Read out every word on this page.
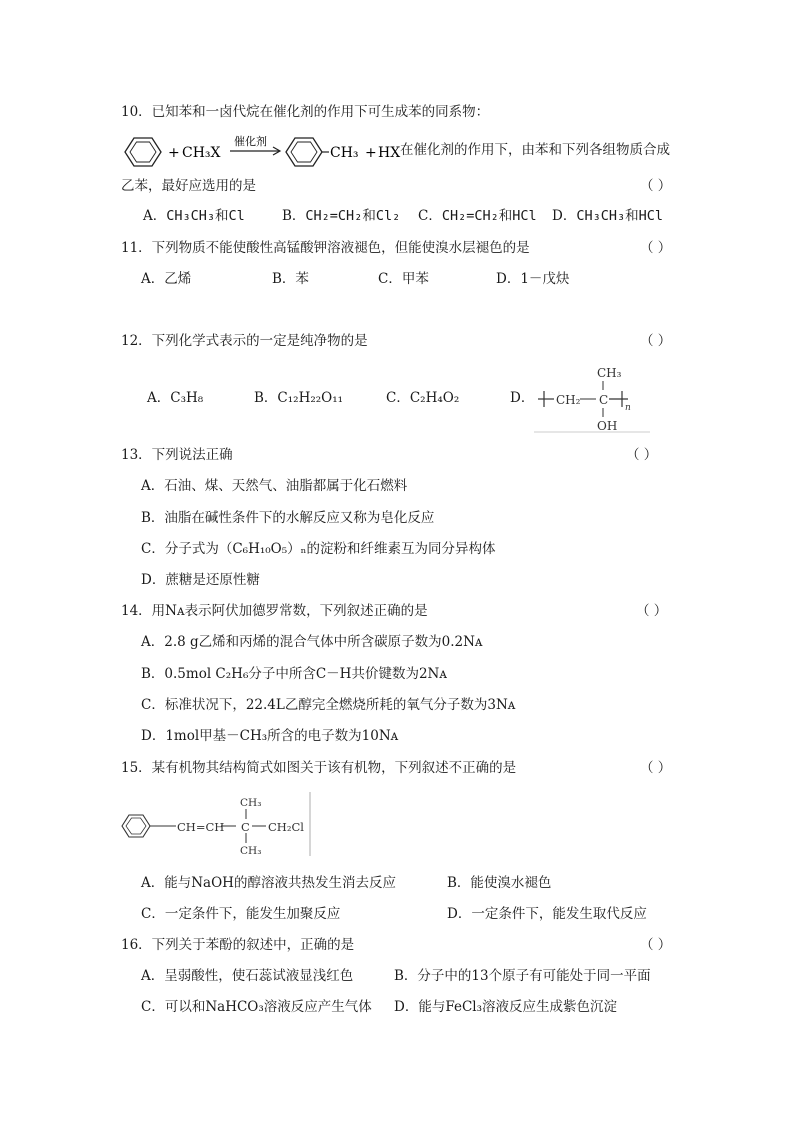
10．已知苯和一卤代烷在催化剂的作用下可生成苯的同系物：
+ CH₃X
催化剂
CH₃ + HX 在催化剂的作用下，由苯和下列各组物质合成
乙苯，最好应选用的是	（ ）
A．CH₃CH₃和Cl	B．CH₂=CH₂和Cl₂ C．CH₂=CH₂和HCl D．CH₃CH₃和HCl
11．下列物质不能使酸性高锰酸钾溶液褪色，但能使溴水层褪色的是	（ ）
A．乙烯	B．苯	C．甲苯	D．1－戊炔
12．下列化学式表示的一定是纯净物的是	（ ）
A．C₃H₈	B．C₁₂H₂₂O₁₁	C．C₂H₄O₂	D．
CH₃
CH₂ C
n
OH
13．下列说法正确	（ ）
A．石油、煤、天然气、油脂都属于化石燃料
B．油脂在碱性条件下的水解反应又称为皂化反应
C．分子式为（C₆H₁₀O₅）ₙ的淀粉和纤维素互为同分异构体
D．蔗糖是还原性糖
14．用Nᴀ表示阿伏加德罗常数，下列叙述正确的是	（ ）
A．2.8 g乙烯和丙烯的混合气体中所含碳原子数为0.2Nᴀ
B．0.5mol C₂H₆分子中所含C－H共价键数为2Nᴀ
C．标准状况下，22.4L乙醇完全燃烧所耗的氧气分子数为3Nᴀ
D．1mol甲基－CH₃所含的电子数为10Nᴀ
15．某有机物其结构简式如图关于该有机物，下列叙述不正确的是	（ ）
CH=CH
CH₃
C CH₂Cl
CH₃
A．能与NaOH的醇溶液共热发生消去反应	B．能使溴水褪色
C．一定条件下，能发生加聚反应	D．一定条件下，能发生取代反应
16．下列关于苯酚的叙述中，正确的是	（ ）
A．呈弱酸性，使石蕊试液显浅红色	B．分子中的13个原子有可能处于同一平面
C．可以和NaHCO₃溶液反应产生气体 D．能与FeCl₃溶液反应生成紫色沉淀
